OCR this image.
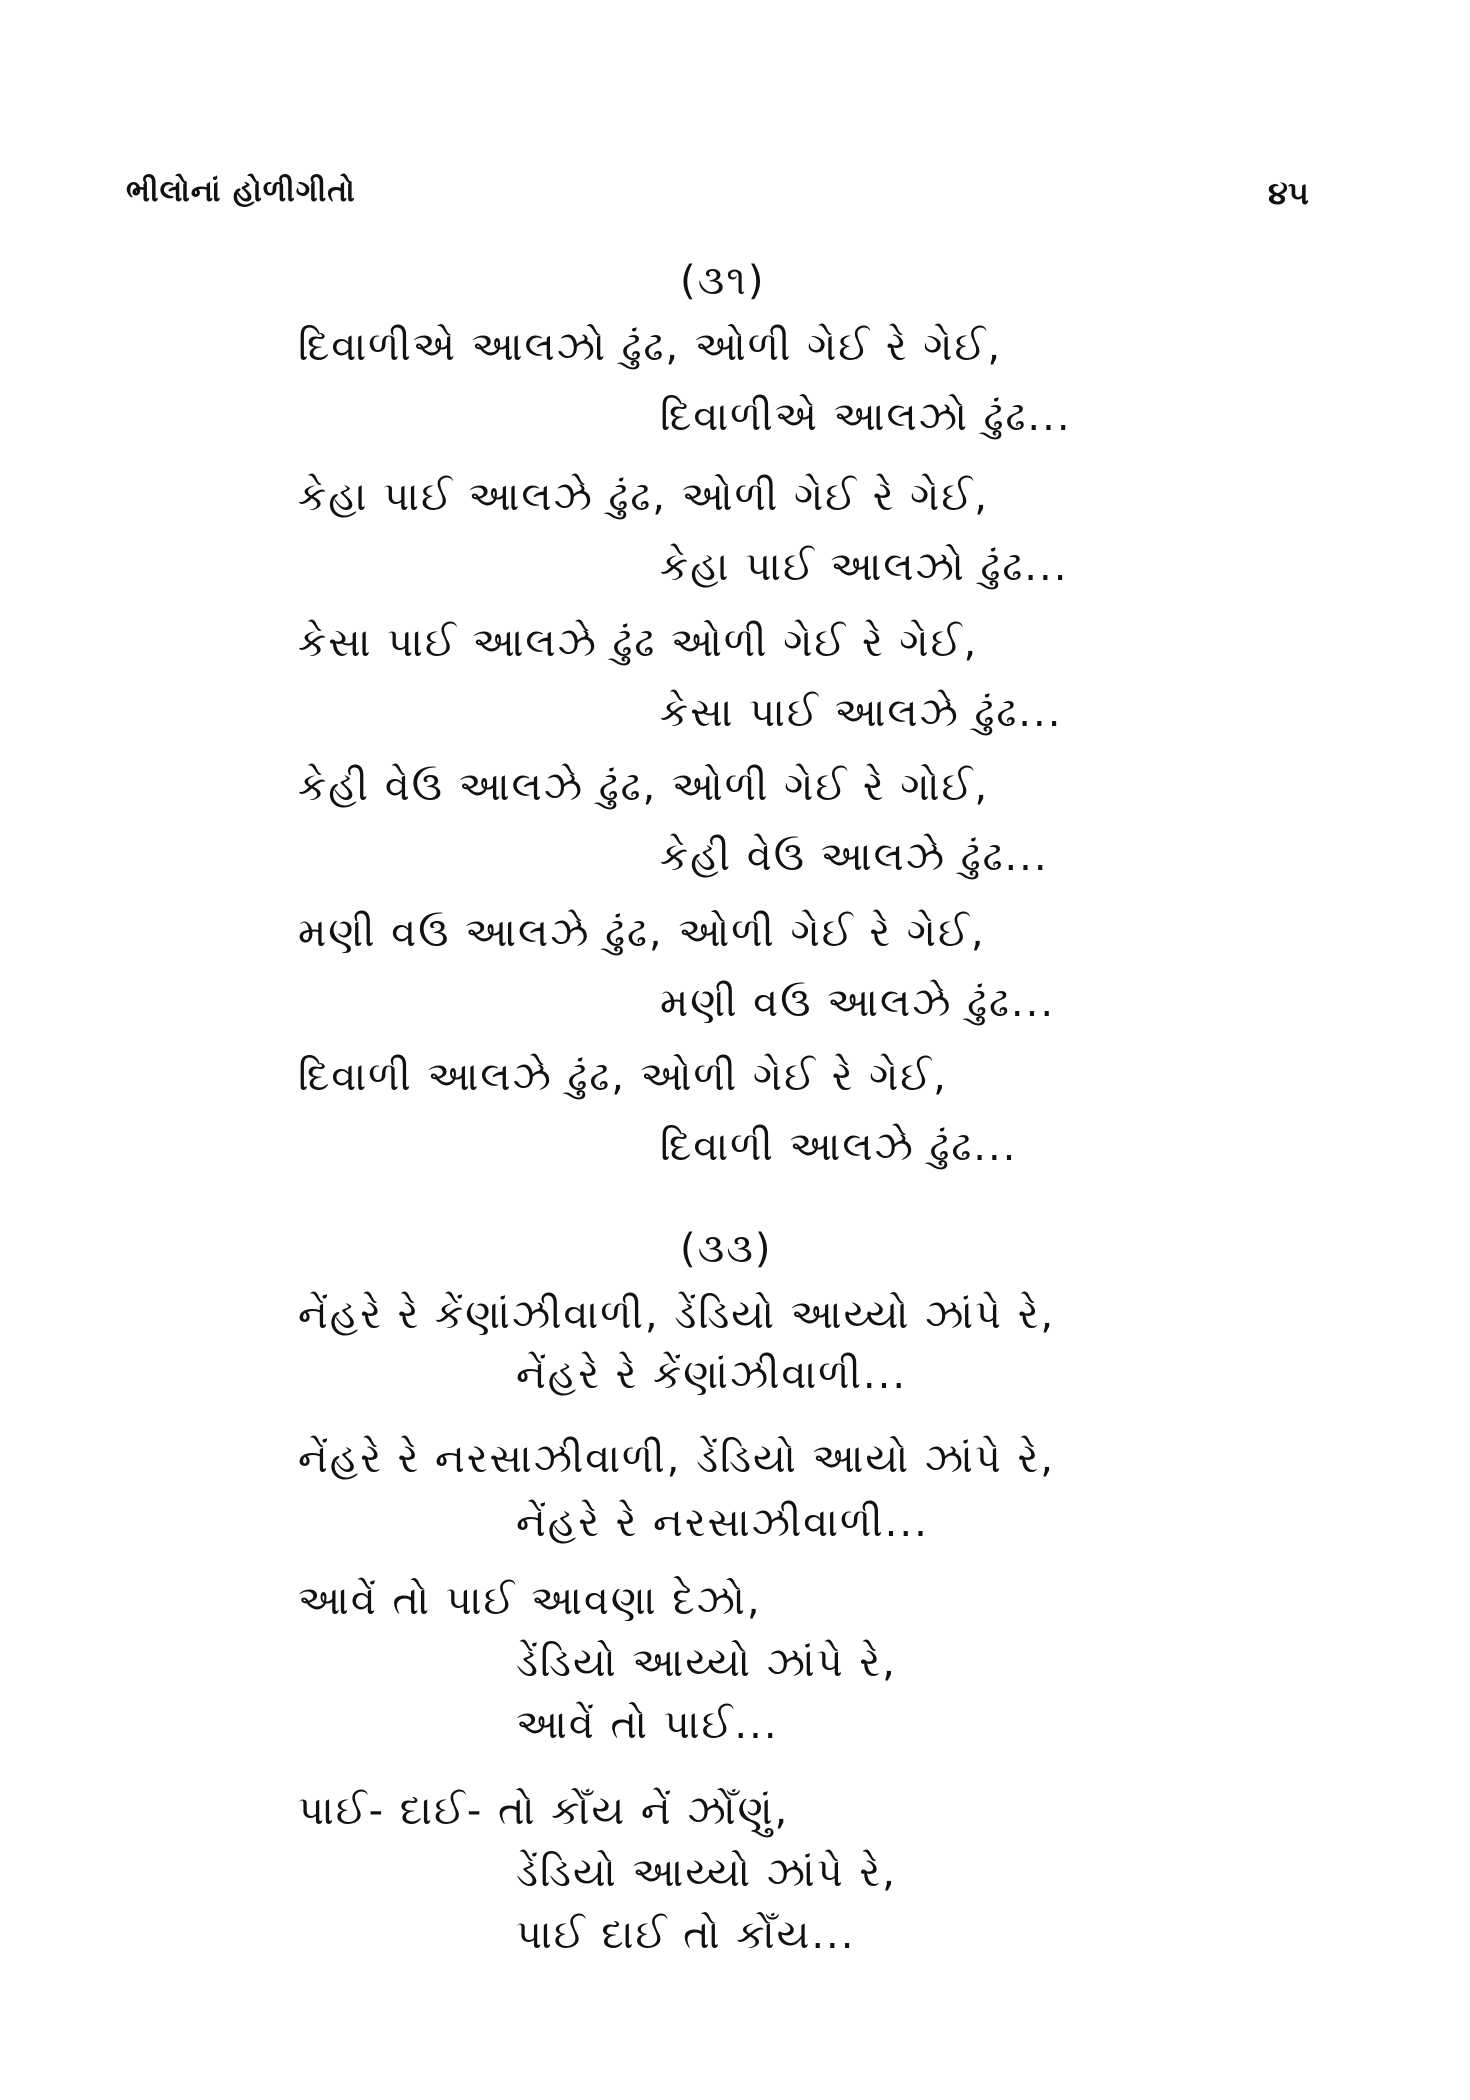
ભીલોનાં હોળીગીતો	૪૫
(૩૧)
દિવાળીએ આલઝો ઢુંઢ, ઓળી ગેઈ રે ગેઈ,
દિવાળીએ આલઝો ઢુંઢ...
કેહા પાઈ આલઝે ઢુંઢ, ઓળી ગેઈ રે ગેઈ,
કેહા પાઈ આલઝો ઢુંઢ...
કેસા પાઈ આલઝે ઢુંઢ ઓળી ગેઈ રે ગેઈ,
કેસા પાઈ આલઝે ઢુંઢ...
કેહી વેઉ આલઝે ઢુંઢ, ઓળી ગેઈ રે ગોઈ,
કેહી વેઉ આલઝે ઢુંઢ...
મણી વઉ આલઝે ઢુંઢ, ઓળી ગેઈ રે ગેઈ,
મણી વઉ આલઝે ઢુંઢ...
દિવાળી આલઝે ઢુંઢ, ઓળી ગેઈ રે ગેઈ,
દિવાળી આલઝે ઢુંઢ...
(૩૩)
નેંહરે રે કેંણાંઝીવાળી, ડેંડિયો આય્યો ઝાંપે રે,
નેંહરે રે કેંણાંઝીવાળી...
નેંહરે રે નરસાઝીવાળી, ડેંડિયો આયો ઝાંપે રે,
નેંહરે રે નરસાઝીવાળી...
આવેં તો પાઈ આવણા દેઝો,
ડેંડિયો આય્યો ઝાંપે રે,
આવેં તો પાઈ...
પાઈ- દાઈ- તો કોઁય નેં ઝોઁણું,
ડેંડિયો આય્યો ઝાંપે રે,
પાઈ દાઈ તો કોઁય...
